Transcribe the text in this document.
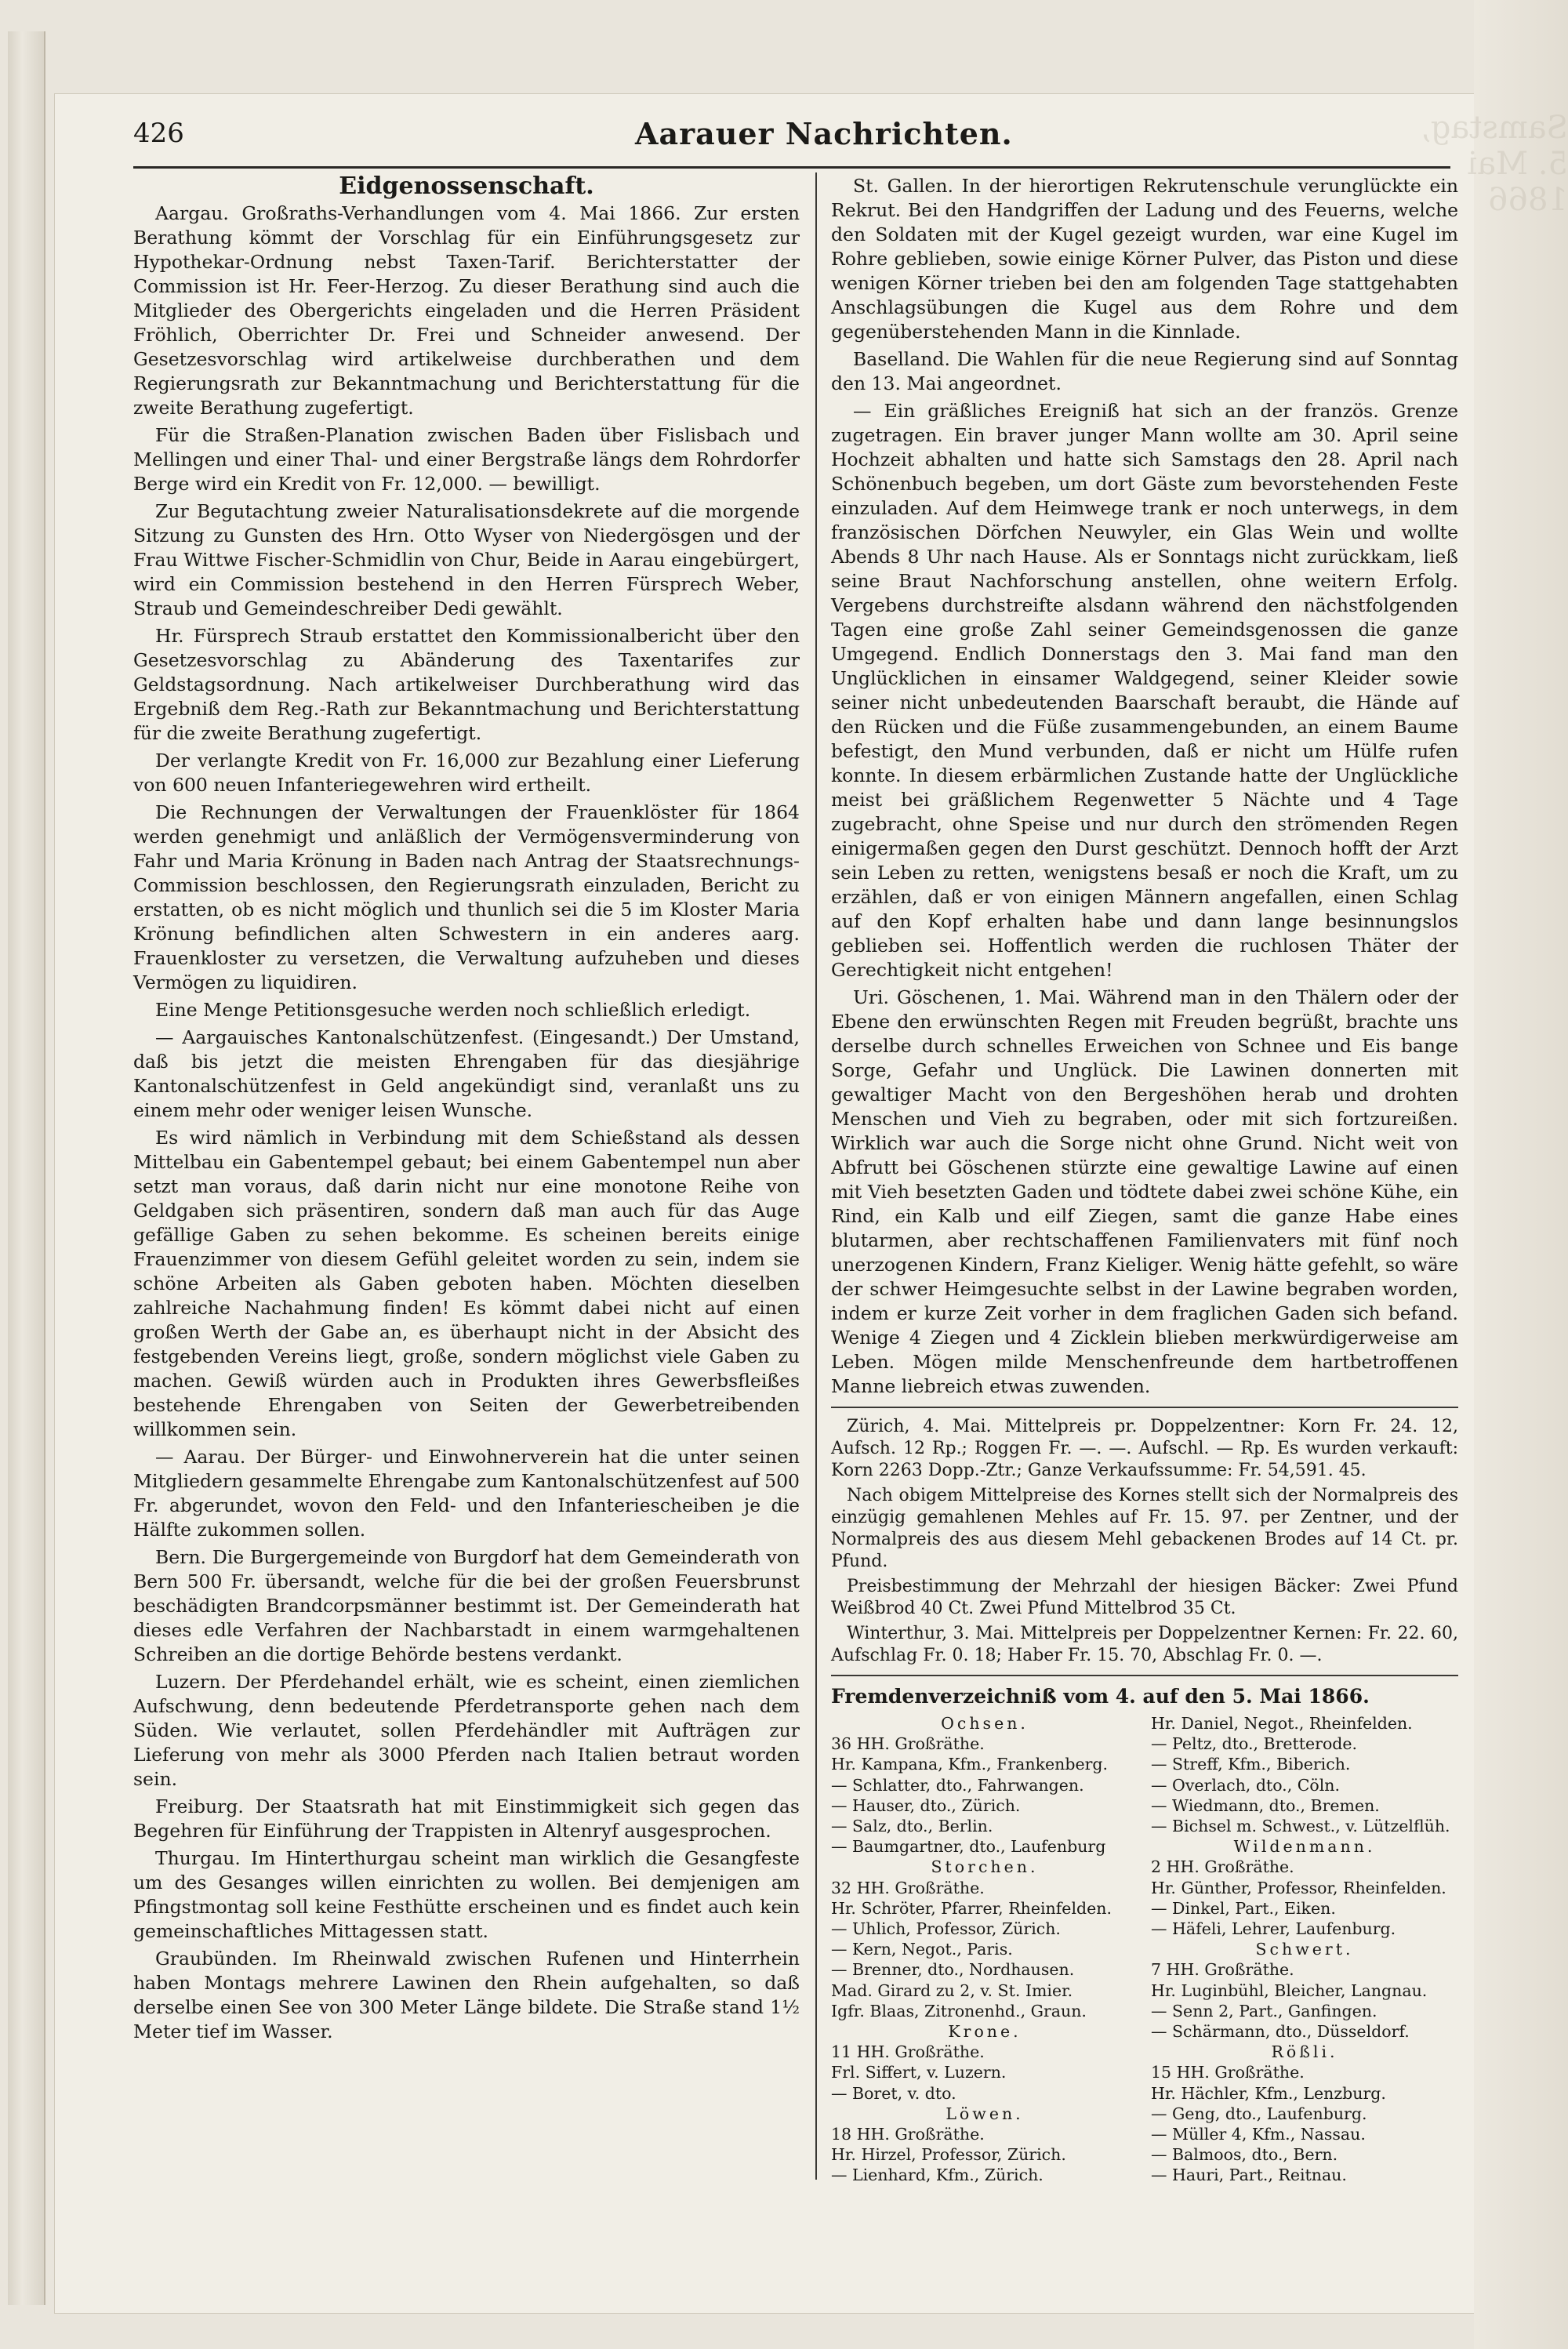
Samstag, 5. Mai 1866
426	Aarauer Nachrichten.

Eidgenossenschaft.

Aargau. Großraths-Verhandlungen vom 4. Mai 1866. Zur ersten Berathung kömmt der Vorschlag für ein Einführungsgesetz zur Hypothekar-Ordnung nebst Taxen-Tarif. Berichterstatter der Commission ist Hr. Feer-Herzog. Zu dieser Berathung sind auch die Mitglieder des Obergerichts eingeladen und die Herren Präsident Fröhlich, Oberrichter Dr. Frei und Schneider anwesend. Der Gesetzesvorschlag wird artikelweise durchberathen und dem Regierungsrath zur Bekanntmachung und Berichterstattung für die zweite Berathung zugefertigt.

Für die Straßen-Planation zwischen Baden über Fislisbach und Mellingen und einer Thal- und einer Bergstraße längs dem Rohrdorfer Berge wird ein Kredit von Fr. 12,000. — bewilligt.

Zur Begutachtung zweier Naturalisationsdekrete auf die morgende Sitzung zu Gunsten des Hrn. Otto Wyser von Niedergösgen und der Frau Wittwe Fischer-Schmidlin von Chur, Beide in Aarau eingebürgert, wird ein Commission bestehend in den Herren Fürsprech Weber, Straub und Gemeindeschreiber Dedi gewählt.

Hr. Fürsprech Straub erstattet den Kommissionalbericht über den Gesetzesvorschlag zu Abänderung des Taxentarifes zur Geldstagsordnung. Nach artikelweiser Durchberathung wird das Ergebniß dem Reg.-Rath zur Bekanntmachung und Berichterstattung für die zweite Berathung zugefertigt.

Der verlangte Kredit von Fr. 16,000 zur Bezahlung einer Lieferung von 600 neuen Infanteriegewehren wird ertheilt.

Die Rechnungen der Verwaltungen der Frauenklöster für 1864 werden genehmigt und anläßlich der Vermögensverminderung von Fahr und Maria Krönung in Baden nach Antrag der Staatsrechnungs-Commission beschlossen, den Regierungsrath einzuladen, Bericht zu erstatten, ob es nicht möglich und thunlich sei die 5 im Kloster Maria Krönung befindlichen alten Schwestern in ein anderes aarg. Frauenkloster zu versetzen, die Verwaltung aufzuheben und dieses Vermögen zu liquidiren.

Eine Menge Petitionsgesuche werden noch schließlich erledigt.

— Aargauisches Kantonalschützenfest. (Eingesandt.) Der Umstand, daß bis jetzt die meisten Ehrengaben für das diesjährige Kantonalschützenfest in Geld angekündigt sind, veranlaßt uns zu einem mehr oder weniger leisen Wunsche.

Es wird nämlich in Verbindung mit dem Schießstand als dessen Mittelbau ein Gabentempel gebaut; bei einem Gabentempel nun aber setzt man voraus, daß darin nicht nur eine monotone Reihe von Geldgaben sich präsentiren, sondern daß man auch für das Auge gefällige Gaben zu sehen bekomme. Es scheinen bereits einige Frauenzimmer von diesem Gefühl geleitet worden zu sein, indem sie schöne Arbeiten als Gaben geboten haben. Möchten dieselben zahlreiche Nachahmung finden! Es kömmt dabei nicht auf einen großen Werth der Gabe an, es überhaupt nicht in der Absicht des festgebenden Vereins liegt, große, sondern möglichst viele Gaben zu machen. Gewiß würden auch in Produkten ihres Gewerbsfleißes bestehende Ehrengaben von Seiten der Gewerbetreibenden willkommen sein.

— Aarau. Der Bürger- und Einwohnerverein hat die unter seinen Mitgliedern gesammelte Ehrengabe zum Kantonalschützenfest auf 500 Fr. abgerundet, wovon den Feld- und den Infanteriescheiben je die Hälfte zukommen sollen.

Bern. Die Burgergemeinde von Burgdorf hat dem Gemeinderath von Bern 500 Fr. übersandt, welche für die bei der großen Feuersbrunst beschädigten Brandcorpsmänner bestimmt ist. Der Gemeinderath hat dieses edle Verfahren der Nachbarstadt in einem warmgehaltenen Schreiben an die dortige Behörde bestens verdankt.

Luzern. Der Pferdehandel erhält, wie es scheint, einen ziemlichen Aufschwung, denn bedeutende Pferdetransporte gehen nach dem Süden. Wie verlautet, sollen Pferdehändler mit Aufträgen zur Lieferung von mehr als 3000 Pferden nach Italien betraut worden sein.

Freiburg. Der Staatsrath hat mit Einstimmigkeit sich gegen das Begehren für Einführung der Trappisten in Altenryf ausgesprochen.

Thurgau. Im Hinterthurgau scheint man wirklich die Gesangfeste um des Gesanges willen einrichten zu wollen. Bei demjenigen am Pfingstmontag soll keine Festhütte erscheinen und es findet auch kein gemeinschaftliches Mittagessen statt.

Graubünden. Im Rheinwald zwischen Rufenen und Hinterrhein haben Montags mehrere Lawinen den Rhein aufgehalten, so daß derselbe einen See von 300 Meter Länge bildete. Die Straße stand 1½ Meter tief im Wasser.

St. Gallen. In der hierortigen Rekrutenschule verunglückte ein Rekrut. Bei den Handgriffen der Ladung und des Feuerns, welche den Soldaten mit der Kugel gezeigt wurden, war eine Kugel im Rohre geblieben, sowie einige Körner Pulver, das Piston und diese wenigen Körner trieben bei den am folgenden Tage stattgehabten Anschlagsübungen die Kugel aus dem Rohre und dem gegenüberstehenden Mann in die Kinnlade.

Baselland. Die Wahlen für die neue Regierung sind auf Sonntag den 13. Mai angeordnet.

— Ein gräßliches Ereigniß hat sich an der französ. Grenze zugetragen. Ein braver junger Mann wollte am 30. April seine Hochzeit abhalten und hatte sich Samstags den 28. April nach Schönenbuch begeben, um dort Gäste zum bevorstehenden Feste einzuladen. Auf dem Heimwege trank er noch unterwegs, in dem französischen Dörfchen Neuwyler, ein Glas Wein und wollte Abends 8 Uhr nach Hause. Als er Sonntags nicht zurückkam, ließ seine Braut Nachforschung anstellen, ohne weitern Erfolg. Vergebens durchstreifte alsdann während den nächstfolgenden Tagen eine große Zahl seiner Gemeindsgenossen die ganze Umgegend. Endlich Donnerstags den 3. Mai fand man den Unglücklichen in einsamer Waldgegend, seiner Kleider sowie seiner nicht unbedeutenden Baarschaft beraubt, die Hände auf den Rücken und die Füße zusammengebunden, an einem Baume befestigt, den Mund verbunden, daß er nicht um Hülfe rufen konnte. In diesem erbärmlichen Zustande hatte der Unglückliche meist bei gräßlichem Regenwetter 5 Nächte und 4 Tage zugebracht, ohne Speise und nur durch den strömenden Regen einigermaßen gegen den Durst geschützt. Dennoch hofft der Arzt sein Leben zu retten, wenigstens besaß er noch die Kraft, um zu erzählen, daß er von einigen Männern angefallen, einen Schlag auf den Kopf erhalten habe und dann lange besinnungslos geblieben sei. Hoffentlich werden die ruchlosen Thäter der Gerechtigkeit nicht entgehen!

Uri. Göschenen, 1. Mai. Während man in den Thälern oder der Ebene den erwünschten Regen mit Freuden begrüßt, brachte uns derselbe durch schnelles Erweichen von Schnee und Eis bange Sorge, Gefahr und Unglück. Die Lawinen donnerten mit gewaltiger Macht von den Bergeshöhen herab und drohten Menschen und Vieh zu begraben, oder mit sich fortzureißen. Wirklich war auch die Sorge nicht ohne Grund. Nicht weit von Abfrutt bei Göschenen stürzte eine gewaltige Lawine auf einen mit Vieh besetzten Gaden und tödtete dabei zwei schöne Kühe, ein Rind, ein Kalb und eilf Ziegen, samt die ganze Habe eines blutarmen, aber rechtschaffenen Familienvaters mit fünf noch unerzogenen Kindern, Franz Kieliger. Wenig hätte gefehlt, so wäre der schwer Heimgesuchte selbst in der Lawine begraben worden, indem er kurze Zeit vorher in dem fraglichen Gaden sich befand. Wenige 4 Ziegen und 4 Zicklein blieben merkwürdigerweise am Leben. Mögen milde Menschenfreunde dem hartbetroffenen Manne liebreich etwas zuwenden.

Zürich, 4. Mai. Mittelpreis pr. Doppelzentner: Korn Fr. 24. 12, Aufsch. 12 Rp.; Roggen Fr. —. —. Aufschl. — Rp. Es wurden verkauft: Korn 2263 Dopp.-Ztr.; Ganze Verkaufssumme: Fr. 54,591. 45.

Nach obigem Mittelpreise des Kornes stellt sich der Normalpreis des einzügig gemahlenen Mehles auf Fr. 15. 97. per Zentner, und der Normalpreis des aus diesem Mehl gebackenen Brodes auf 14 Ct. pr. Pfund.

Preisbestimmung der Mehrzahl der hiesigen Bäcker: Zwei Pfund Weißbrod 40 Ct. Zwei Pfund Mittelbrod 35 Ct.

Winterthur, 3. Mai. Mittelpreis per Doppelzentner Kernen: Fr. 22. 60, Aufschlag Fr. 0. 18; Haber Fr. 15. 70, Abschlag Fr. 0. —.

Fremdenverzeichniß vom 4. auf den 5. Mai 1866.
Ochsen.
36 HH. Großräthe.
Hr. Kampana, Kfm., Frankenberg.
— Schlatter, dto., Fahrwangen.
— Hauser, dto., Zürich.
— Salz, dto., Berlin.
— Baumgartner, dto., Laufenburg
Storchen.
32 HH. Großräthe.
Hr. Schröter, Pfarrer, Rheinfelden.
— Uhlich, Professor, Zürich.
— Kern, Negot., Paris.
— Brenner, dto., Nordhausen.
Mad. Girard zu 2, v. St. Imier.
Igfr. Blaas, Zitronenhd., Graun.
Krone.
11 HH. Großräthe.
Frl. Siffert, v. Luzern.
— Boret, v. dto.
Löwen.
18 HH. Großräthe.
Hr. Hirzel, Professor, Zürich.
— Lienhard, Kfm., Zürich.
Hr. Daniel, Negot., Rheinfelden.
— Peltz, dto., Bretterode.
— Streff, Kfm., Biberich.
— Overlach, dto., Cöln.
— Wiedmann, dto., Bremen.
— Bichsel m. Schwest., v. Lützelflüh.
Wildenmann.
2 HH. Großräthe.
Hr. Günther, Professor, Rheinfelden.
— Dinkel, Part., Eiken.
— Häfeli, Lehrer, Laufenburg.
Schwert.
7 HH. Großräthe.
Hr. Luginbühl, Bleicher, Langnau.
— Senn 2, Part., Ganfingen.
— Schärmann, dto., Düsseldorf.
Rößli.
15 HH. Großräthe.
Hr. Hächler, Kfm., Lenzburg.
— Geng, dto., Laufenburg.
— Müller 4, Kfm., Nassau.
— Balmoos, dto., Bern.
— Hauri, Part., Reitnau.
